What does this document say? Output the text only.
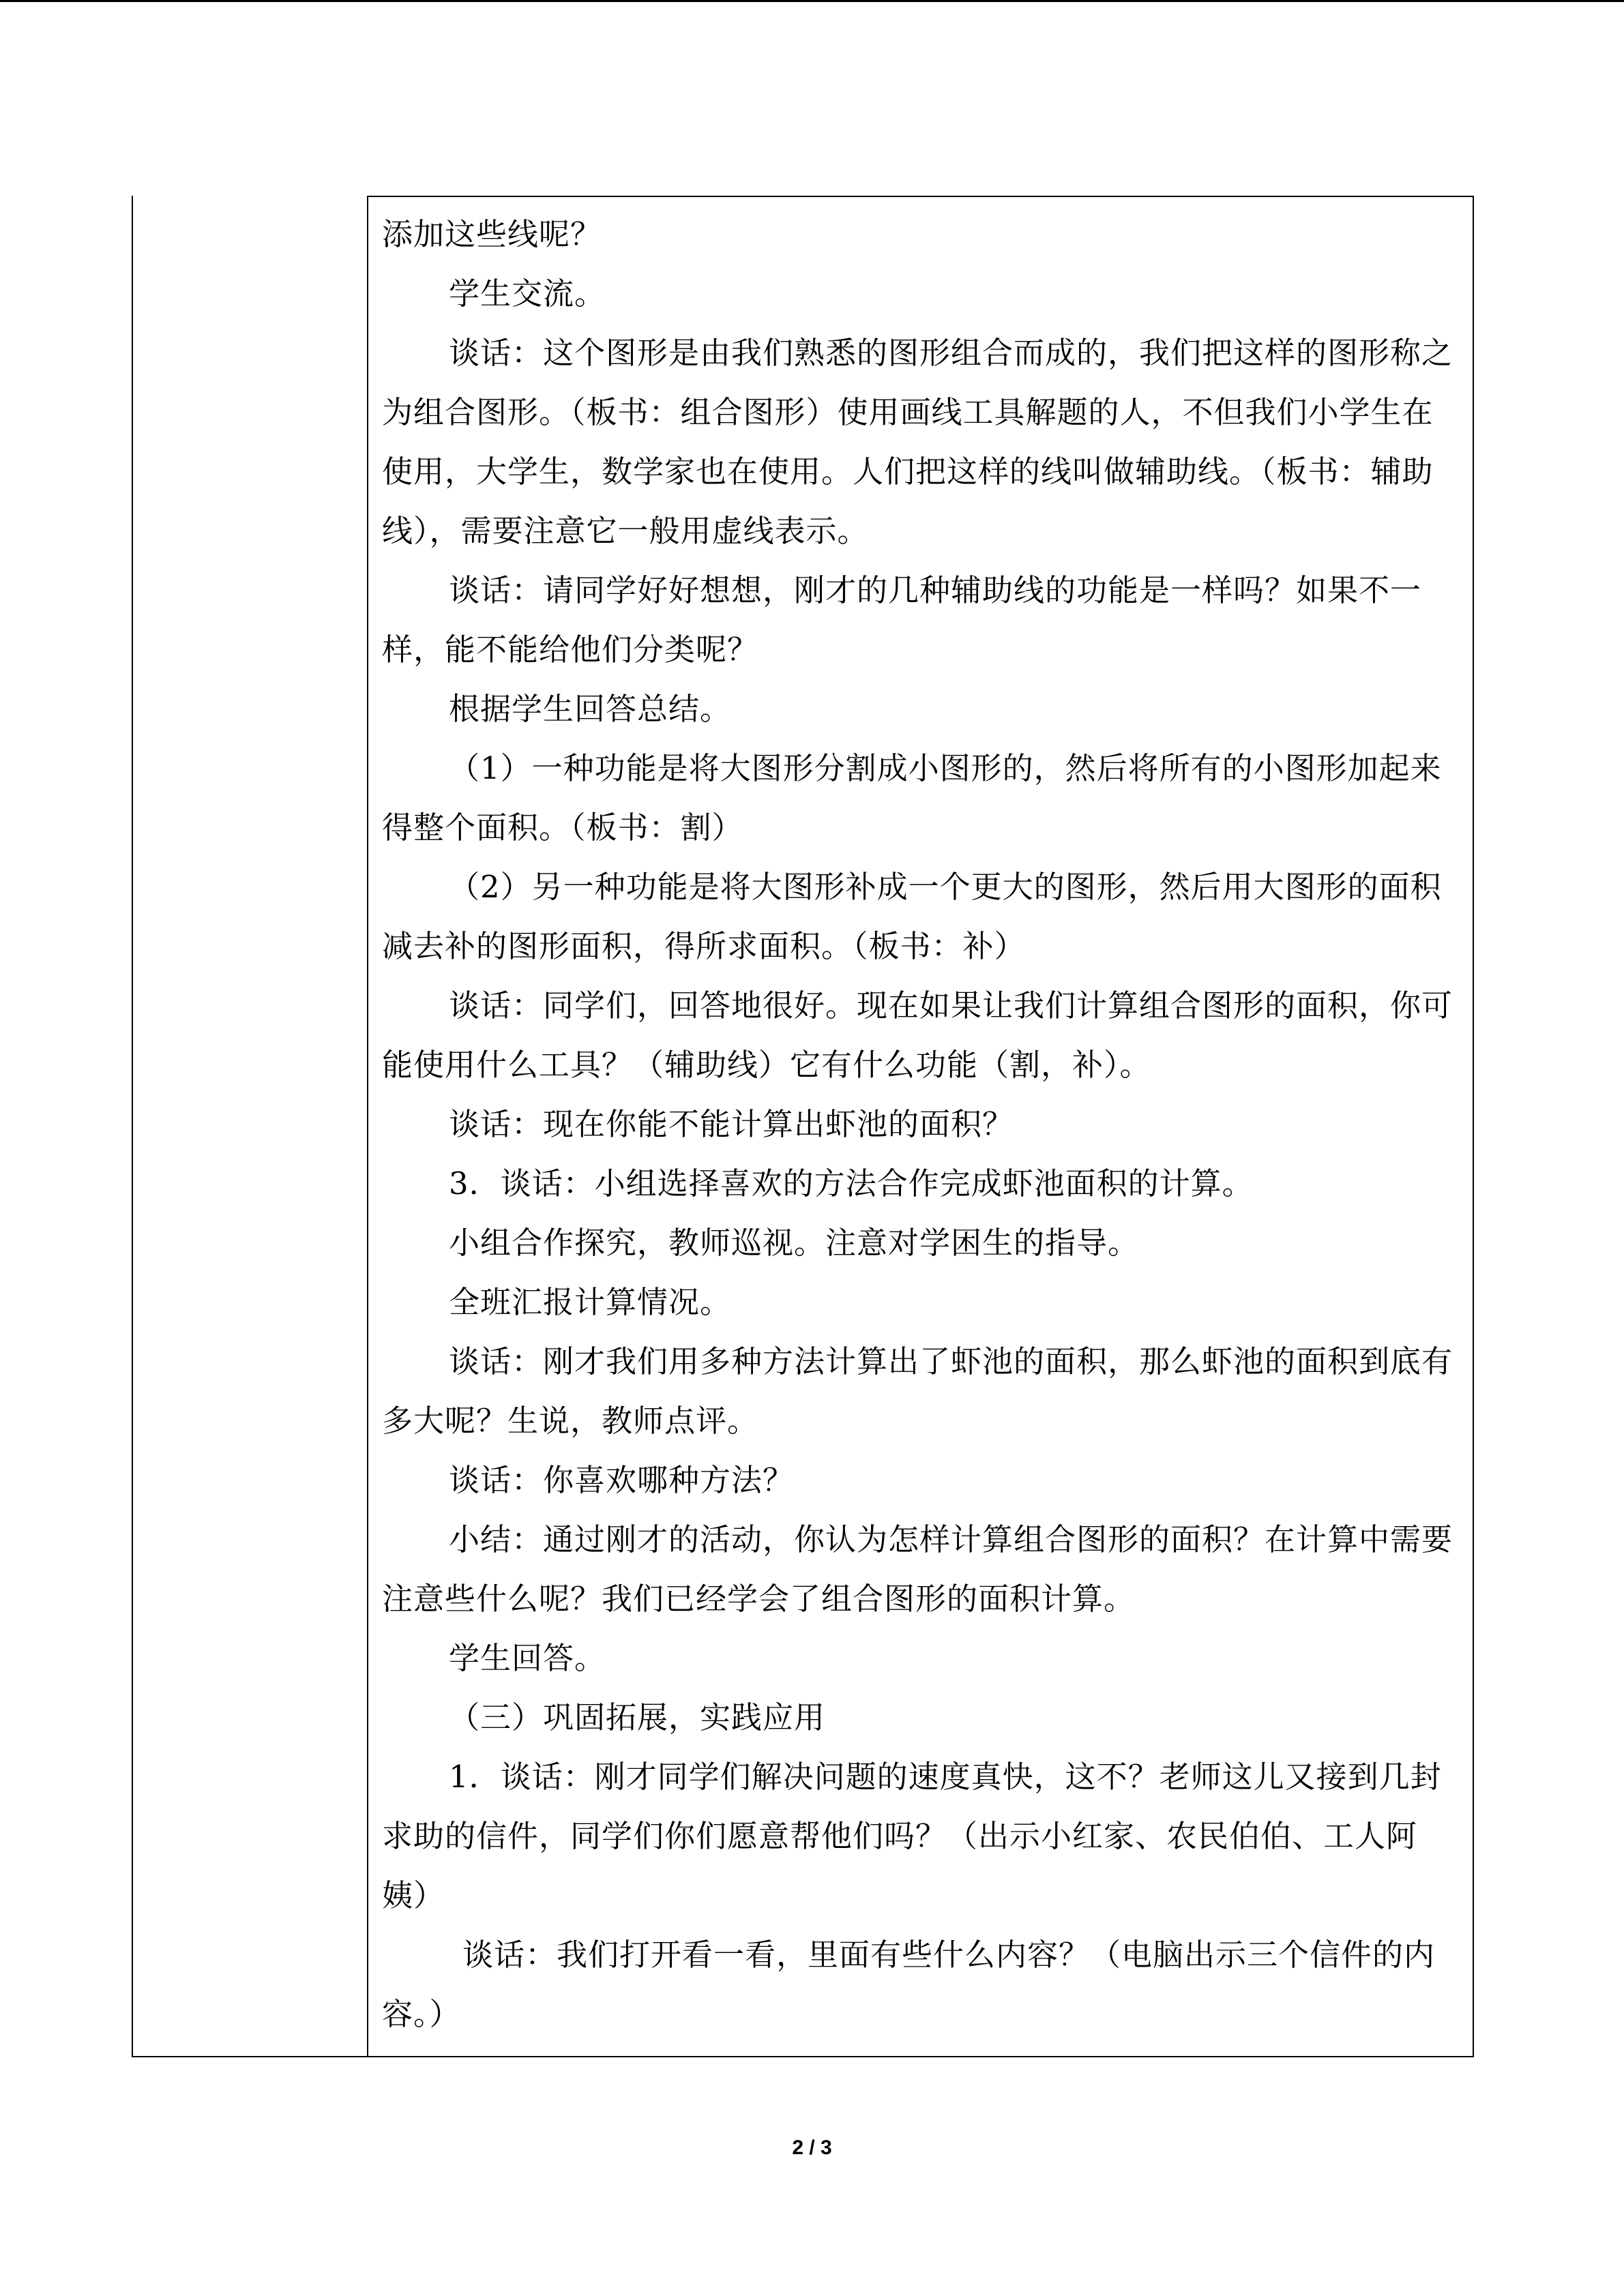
添加这些线呢？

学生交流。

谈话：这个图形是由我们熟悉的图形组合而成的，我们把这样的图形称之为组合图形。（板书：组合图形）使用画线工具解题的人，不但我们小学生在使用，大学生，数学家也在使用。人们把这样的线叫做辅助线。（板书：辅助线），需要注意它一般用虚线表示。

谈话：请同学好好想想，刚才的几种辅助线的功能是一样吗？如果不一样，能不能给他们分类呢？

根据学生回答总结。

（1）一种功能是将大图形分割成小图形的，然后将所有的小图形加起来得整个面积。（板书：割）

（2）另一种功能是将大图形补成一个更大的图形，然后用大图形的面积减去补的图形面积，得所求面积。（板书：补）

谈话：同学们，回答地很好。现在如果让我们计算组合图形的面积，你可能使用什么工具？（辅助线）它有什么功能（割，补）。

谈话：现在你能不能计算出虾池的面积？

3．谈话：小组选择喜欢的方法合作完成虾池面积的计算。

小组合作探究，教师巡视。注意对学困生的指导。

全班汇报计算情况。

谈话：刚才我们用多种方法计算出了虾池的面积，那么虾池的面积到底有多大呢？生说，教师点评。

谈话：你喜欢哪种方法？

小结：通过刚才的活动，你认为怎样计算组合图形的面积？在计算中需要注意些什么呢？我们已经学会了组合图形的面积计算。

学生回答。

（三）巩固拓展，实践应用

1．谈话：刚才同学们解决问题的速度真快，这不？老师这儿又接到几封求助的信件，同学们你们愿意帮他们吗？（出示小红家、农民伯伯、工人阿姨）

谈话：我们打开看一看，里面有些什么内容？（电脑出示三个信件的内容。）

2 / 3
